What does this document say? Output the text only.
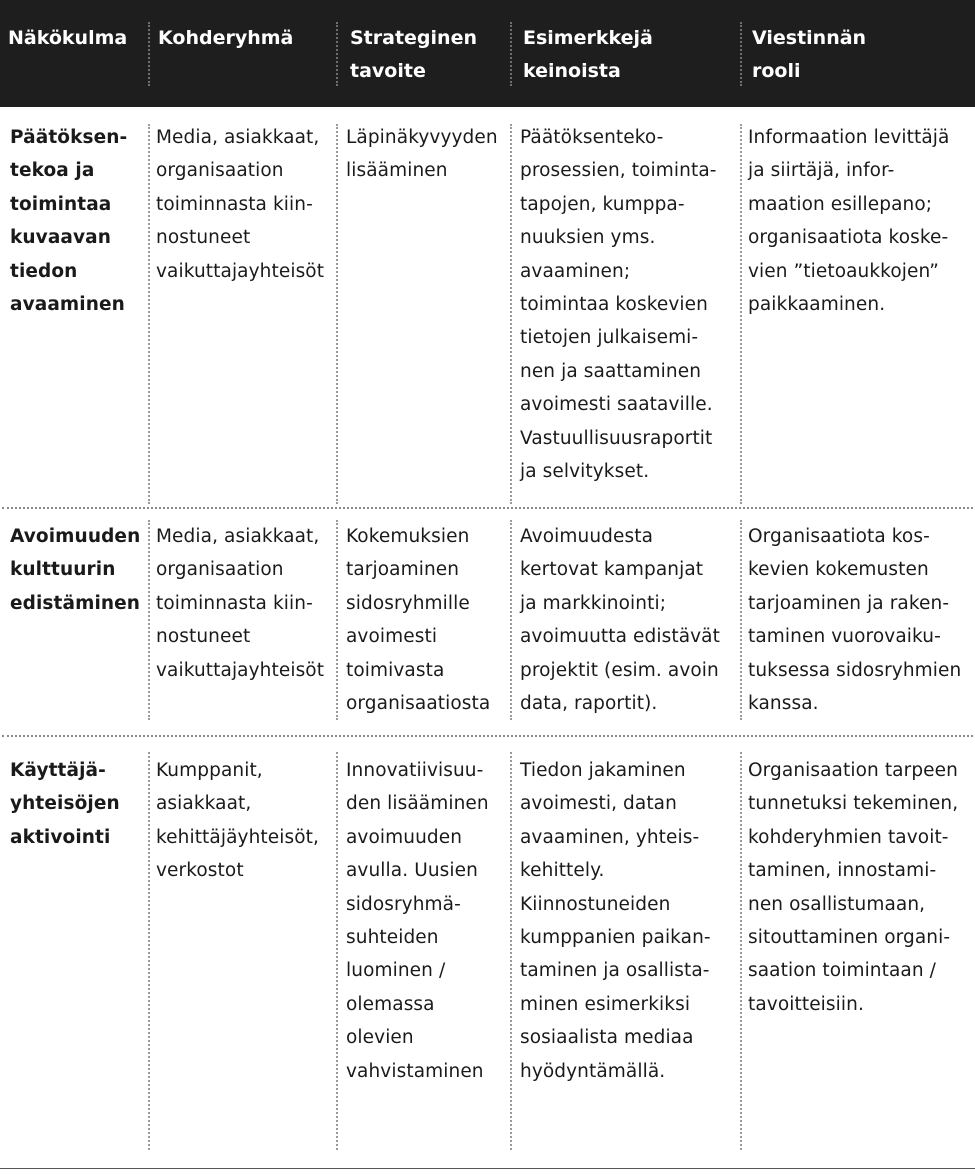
Näkökulma	Kohderyhmä	Strateginen
tavoite
Esimerkkejä
keinoista
Viestinnän
rooli
Päätöksen-
tekoa ja
toimintaa
kuvaavan
tiedon
avaaminen
Media, asiakkaat,
organisaation
toiminnasta kiin-
nostuneet
vaikuttajayhteisöt
Läpinäkyvyyden
lisääminen
Päätöksenteko-
prosessien, toiminta-
tapojen, kumppa-
nuuksien yms.
avaaminen;
toimintaa koskevien
tietojen julkaisemi-
nen ja saattaminen
avoimesti saataville.
Vastuullisuusraportit
ja selvitykset.
Informaation levittäjä
ja siirtäjä, infor-
maation esillepano;
organisaatiota koske-
vien ”tietoaukkojen”
paikkaaminen.
Avoimuuden
kulttuurin
edistäminen
Media, asiakkaat,
organisaation
toiminnasta kiin-
nostuneet
vaikuttajayhteisöt
Kokemuksien
tarjoaminen
sidosryhmille
avoimesti
toimivasta
organisaatiosta
Avoimuudesta
kertovat kampanjat
ja markkinointi;
avoimuutta edistävät
projektit (esim. avoin
data, raportit).
Organisaatiota kos-
kevien kokemusten
tarjoaminen ja raken-
taminen vuorovaiku-
tuksessa sidosryhmien
kanssa.
Käyttäjä-
yhteisöjen
aktivointi
Kumppanit,
asiakkaat,
kehittäjäyhteisöt,
verkostot
Innovatiivisuu-
den lisääminen
avoimuuden
avulla. Uusien
sidosryhmä-
suhteiden
luominen /
olemassa
olevien
vahvistaminen
Tiedon jakaminen
avoimesti, datan
avaaminen, yhteis-
kehittely.
Kiinnostuneiden
kumppanien paikan-
taminen ja osallista-
minen esimerkiksi
sosiaalista mediaa
hyödyntämällä.
Organisaation tarpeen
tunnetuksi tekeminen,
kohderyhmien tavoit-
taminen, innostami-
nen osallistumaan,
sitouttaminen organi-
saation toimintaan /
tavoitteisiin.
